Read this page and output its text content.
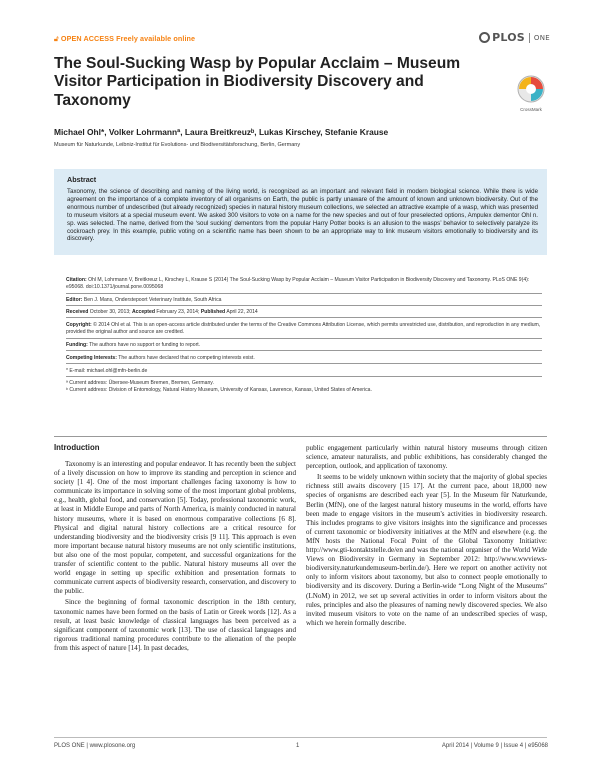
🔓︎ OPEN ACCESS Freely available online	PLOS ONE
The Soul-Sucking Wasp by Popular Acclaim – Museum Visitor Participation in Biodiversity Discovery and Taxonomy
CrossMark
Michael Ohl*, Volker Lohrmannª, Laura Breitkreuzᵇ, Lukas Kirschey, Stefanie Krause
Museum für Naturkunde, Leibniz-Institut für Evolutions- und Biodiversitätsforschung, Berlin, Germany
Abstract
Taxonomy, the science of describing and naming of the living world, is recognized as an important and relevant field in modern biological science. While there is wide agreement on the importance of a complete inventory of all organisms on Earth, the public is partly unaware of the amount of known and unknown biodiversity. Out of the enormous number of undescribed (but already recognized) species in natural history museum collections, we selected an attractive example of a wasp, which was presented to museum visitors at a special museum event. We asked 300 visitors to vote on a name for the new species and out of four preselected options, Ampulex dementor Ohl n. sp. was selected. The name, derived from the ‘soul sucking’ dementors from the popular Harry Potter books is an allusion to the wasps’ behavior to selectively paralyze its cockroach prey. In this example, public voting on a scientific name has been shown to be an appropriate way to link museum visitors emotionally to biodiversity and its discovery.
Citation: Ohl M, Lohrmann V, Breitkreuz L, Kirschey L, Krause S (2014) The Soul-Sucking Wasp by Popular Acclaim – Museum Visitor Participation in Biodiversity Discovery and Taxonomy. PLoS ONE 9(4): e95068. doi:10.1371/journal.pone.0095068
Editor: Ben J. Mans, Onderstepoort Veterinary Institute, South Africa
Received October 30, 2013; Accepted February 23, 2014; Published April 22, 2014
Copyright: © 2014 Ohl et al. This is an open-access article distributed under the terms of the Creative Commons Attribution License, which permits unrestricted use, distribution, and reproduction in any medium, provided the original author and source are credited.
Funding: The authors have no support or funding to report.
Competing Interests: The authors have declared that no competing interests exist.
* E-mail: michael.ohl@mfn-berlin.de
ª Current address: Übersee-Museum Bremen, Bremen, Germany.
ᵇ Current address: Division of Entomology, Natural History Museum, University of Kansas, Lawrence, Kansas, United States of America.
Introduction

Taxonomy is an interesting and popular endeavor. It has recently been the subject of a lively discussion on how to improve its standing and perception in science and society [1 4]. One of the most important challenges facing taxonomy is how to communicate its importance in solving some of the most important global problems, e.g., health, global food, and conservation [5]. Today, professional taxonomic work, at least in Middle Europe and parts of North America, is mainly conducted in natural history museums, where it is based on enormous comparative collections [6 8]. Physical and digital natural history collections are a critical resource for understanding biodiversity and the biodiversity crisis [9 11]. This approach is even more important because natural history museums are not only scientific institutions, but also one of the most popular, competent, and successful organizations for the transfer of scientific content to the public. Natural history museums all over the world engage in setting up specific exhibition and presentation formats to communicate current aspects of biodiversity research, conservation, and discovery to the public.

Since the beginning of formal taxonomic description in the 18th century, taxonomic names have been formed on the basis of Latin or Greek words [12]. As a result, at least basic knowledge of classical languages has been perceived as a significant component of taxonomic work [13]. The use of classical languages and rigorous traditional naming procedures contribute to the alienation of the people from this aspect of nature [14]. In past decades,

public engagement particularly within natural history museums through citizen science, amateur naturalists, and public exhibitions, has considerably changed the perception, outlook, and application of taxonomy.

It seems to be widely unknown within society that the majority of global species richness still awaits discovery [15 17]. At the current pace, about 18,000 new species of organisms are described each year [5]. In the Museum für Naturkunde, Berlin (MfN), one of the largest natural history museums in the world, efforts have been made to engage visitors in the museum's activities in biodiversity research. This includes programs to give visitors insights into the significance and processes of current taxonomic or biodiversity initiatives at the MfN and elsewhere (e.g. the MfN hosts the National Focal Point of the Global Taxonomy Initiative: http://www.gti-kontaktstelle.de/en and was the national organiser of the World Wide Views on Biodiversity in Germany in September 2012: http://www.wwviews-biodiversity.naturkundemuseum-berlin.de/). Here we report on another activity not only to inform visitors about taxonomy, but also to connect people emotionally to biodiversity and its discovery. During a Berlin-wide “Long Night of the Museums” (LNoM) in 2012, we set up several activities in order to inform visitors about the rules, principles and also the pleasures of naming newly discovered species. We also invited museum visitors to vote on the name of an undescribed species of wasp, which we herein formally describe.

PLOS ONE | www.plosone.org	1	April 2014 | Volume 9 | Issue 4 | e95068
